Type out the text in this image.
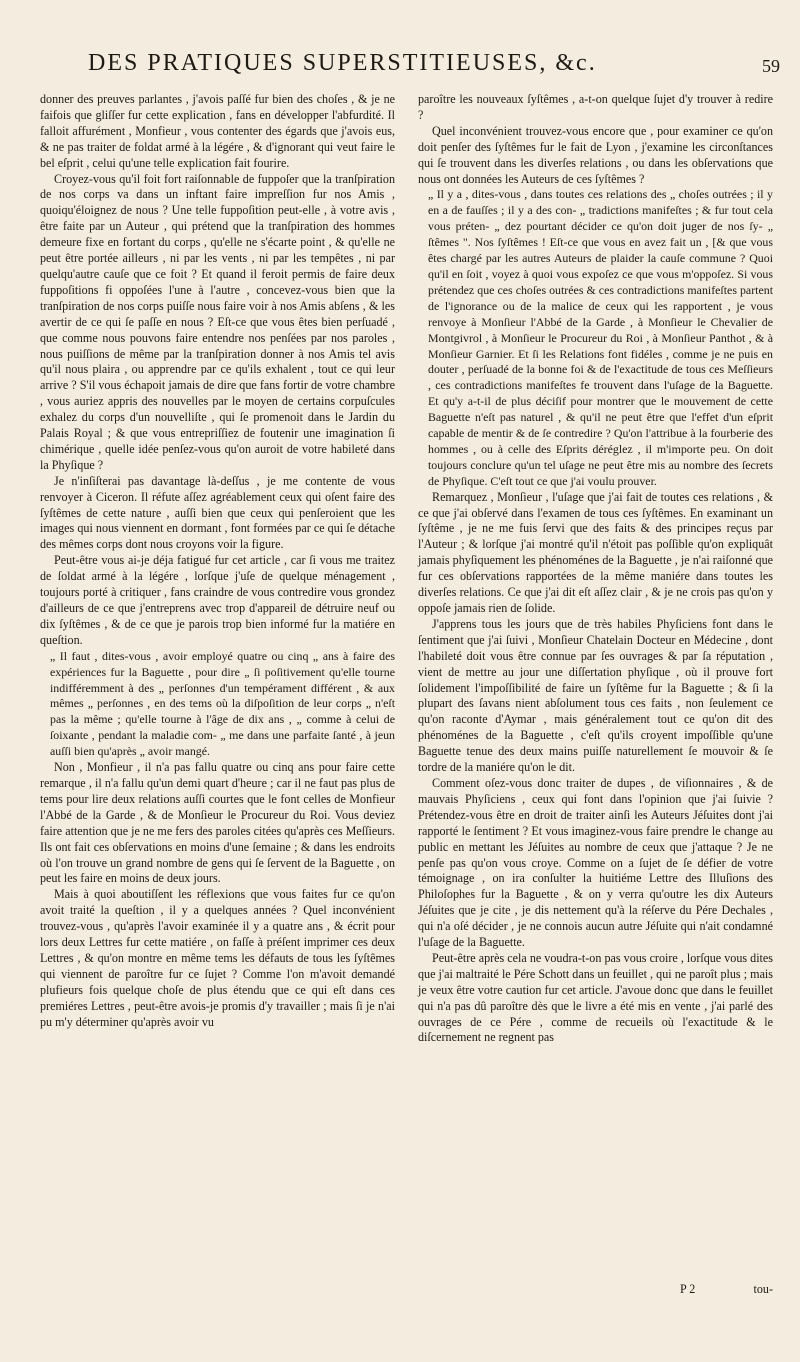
DES PRATIQUES SUPERSTITIEUSES, &c.	59

donner des preuves parlantes , j'avois paſſé fur bien des choſes , & je ne faifois que gliſſer fur cette explication , fans en développer l'abfurdité. Il falloit affurément , Monfieur , vous contenter des égards que j'avois eus, & ne pas traiter de foldat armé à la légére , & d'ignorant qui veut faire le bel eſprit , celui qu'une telle explication fait fourire.

Croyez-vous qu'il foit fort raiſonnable de fuppoſer que la tranſpiration de nos corps va dans un inftant faire impreſſion fur nos Amis , quoiqu'éloignez de nous ? Une telle fuppoſition peut-elle , à votre avis , être faite par un Auteur , qui prétend que la tranſpiration des hommes demeure fixe en fortant du corps , qu'elle ne s'écarte point , & qu'elle ne peut être portée ailleurs , ni par les vents , ni par les tempêtes , ni par quelqu'autre cauſe que ce foit ? Et quand il feroit permis de faire deux fuppoſitions fi oppoſées l'une à l'autre , concevez-vous bien que la tranſpiration de nos corps puiſſe nous faire voir à nos Amis abſens , & les avertir de ce qui ſe paſſe en nous ? Eſt-ce que vous êtes bien perſuadé , que comme nous pouvons faire entendre nos penſées par nos paroles , nous puiſſions de même par la tranſpiration donner à nos Amis tel avis qu'il nous plaira , ou apprendre par ce qu'ils exhalent , tout ce qui leur arrive ? S'il vous échapoit jamais de dire que fans fortir de votre chambre , vous auriez appris des nouvelles par le moyen de certains corpuſcules exhalez du corps d'un nouvelliſte , qui ſe promenoit dans le Jardin du Palais Royal ; & que vous entrepriſſiez de foutenir une imagination ſi chimérique , quelle idée penſez-vous qu'on auroit de votre habileté dans la Phyſique ?

Je n'inſiſterai pas davantage là-deſſus , je me contente de vous renvoyer à Ciceron. Il réfute aſſez agréablement ceux qui oſent faire des ſyſtêmes de cette nature , auſſi bien que ceux qui penſeroient que les images qui nous viennent en dormant , font formées par ce qui ſe détache des mêmes corps dont nous croyons voir la figure.

Peut-être vous ai-je déja fatigué fur cet article , car ſi vous me traitez de ſoldat armé à la légére , lorſque j'uſe de quelque ménagement , toujours porté à critiquer , fans craindre de vous contredire vous grondez d'ailleurs de ce que j'entreprens avec trop d'appareil de détruire neuf ou dix ſyſtêmes , & de ce que je parois trop bien informé fur la matiére en queſtion.

„ Il faut , dites-vous , avoir employé quatre ou cinq „ ans à faire des expériences fur la Baguette , pour dire „ ſi poſitivement qu'elle tourne indifféremment à des „ perſonnes d'un tempérament différent , & aux mêmes „ perſonnes , en des tems où la diſpoſition de leur corps „ n'eſt pas la même ; qu'elle tourne à l'âge de dix ans , „ comme à celui de ſoixante , pendant la maladie com- „ me dans une parfaite ſanté , à jeun auſſi bien qu'après „ avoir mangé.

Non , Monfieur , il n'a pas fallu quatre ou cinq ans pour faire cette remarque , il n'a fallu qu'un demi quart d'heure ; car il ne faut pas plus de tems pour lire deux relations auſſi courtes que le font celles de Monfieur l'Abbé de la Garde , & de Monſieur le Procureur du Roi. Vous deviez faire attention que je ne me fers des paroles citées qu'après ces Meſſieurs. Ils ont fait ces obſervations en moins d'une ſemaine ; & dans les endroits où l'on trouve un grand nombre de gens qui ſe ſervent de la Baguette , on peut les faire en moins de deux jours.

Mais à quoi aboutiſſent les réflexions que vous faites fur ce qu'on avoit traité la queſtion , il y a quelques années ? Quel inconvénient trouvez-vous , qu'après l'avoir examinée il y a quatre ans , & écrit pour lors deux Lettres fur cette matiére , on faſſe à préſent imprimer ces deux Lettres , & qu'on montre en même tems les défauts de tous les ſyſtêmes qui viennent de paroître fur ce ſujet ? Comme l'on m'avoit demandé plufieurs fois quelque choſe de plus étendu que ce qui eſt dans ces premiéres Lettres , peut-être avois-je promis d'y travailler ; mais ſi je n'ai pu m'y déterminer qu'après avoir vu

paroître les nouveaux ſyſtêmes , a-t-on quelque ſujet d'y trouver à redire ?

Quel inconvénient trouvez-vous encore que , pour examiner ce qu'on doit penſer des ſyſtêmes fur le fait de Lyon , j'examine les circonſtances qui ſe trouvent dans les diverſes relations , ou dans les obſervations que nous ont données les Auteurs de ces ſyſtêmes ?

„ Il y a , dites-vous , dans toutes ces relations des „ choſes outrées ; il y en a de fauſſes ; il y a des con- „ tradictions manifeſtes ; & fur tout cela vous préten- „ dez pourtant décider ce qu'on doit juger de nos ſy- „ ſtêmes ". Nos ſyſtêmes ! Eſt-ce que vous en avez fait un , [& que vous êtes chargé par les autres Auteurs de plaider la cauſe commune ? Quoi qu'il en ſoit , voyez à quoi vous expoſez ce que vous m'oppoſez. Si vous prétendez que ces choſes outrées & ces contradictions manifeſtes partent de l'ignorance ou de la malice de ceux qui les rapportent , je vous renvoye à Monſieur l'Abbé de la Garde , à Monſieur le Chevalier de Montgivrol , à Monſieur le Procureur du Roi , à Monſieur Panthot , & à Monſieur Garnier. Et ſi les Relations font fidéles , comme je ne puis en douter , perſuadé de la bonne foi & de l'exactitude de tous ces Meſſieurs , ces contradictions manifeſtes fe trouvent dans l'uſage de la Baguette. Et qu'y a-t-il de plus déciſif pour montrer que le mouvement de cette Baguette n'eſt pas naturel , & qu'il ne peut être que l'effet d'un eſprit capable de mentir & de ſe contredire ? Qu'on l'attribue à la fourberie des hommes , ou à celle des Eſprits déréglez , il m'importe peu. On doit toujours conclure qu'un tel uſage ne peut être mis au nombre des ſecrets de Phyſique. C'eſt tout ce que j'ai voulu prouver.

Remarquez , Monſieur , l'uſage que j'ai fait de toutes ces relations , & ce que j'ai obſervé dans l'examen de tous ces ſyſtêmes. En examinant un ſyſtême , je ne me fuis ſervi que des faits & des principes reçus par l'Auteur ; & lorſque j'ai montré qu'il n'étoit pas poſſible qu'on expliquât jamais phyſiquement les phénoménes de la Baguette , je n'ai raiſonné que fur ces obſervations rapportées de la même maniére dans toutes les diverſes relations. Ce que j'ai dit eſt aſſez clair , & je ne crois pas qu'on y oppoſe jamais rien de ſolide.

J'apprens tous les jours que de très habiles Phyſiciens font dans le ſentiment que j'ai ſuivi , Monſieur Chatelain Docteur en Médecine , dont l'habileté doit vous être connue par ſes ouvrages & par ſa réputation , vient de mettre au jour une diſſertation phyſique , où il prouve fort ſolidement l'impoſſibilité de faire un ſyſtême fur la Baguette ; & ſi la plupart des ſavans nient abſolument tous ces faits , non ſeulement ce qu'on raconte d'Aymar , mais généralement tout ce qu'on dit des phénoménes de la Baguette , c'eſt qu'ils croyent impoſſible qu'une Baguette tenue des deux mains puiſſe naturellement ſe mouvoir & ſe tordre de la maniére qu'on le dit.

Comment oſez-vous donc traiter de dupes , de viſionnaires , & de mauvais Phyſiciens , ceux qui font dans l'opinion que j'ai ſuivie ? Prétendez-vous être en droit de traiter ainſi les Auteurs Jéſuites dont j'ai rapporté le ſentiment ? Et vous imaginez-vous faire prendre le change au public en mettant les Jéſuites au nombre de ceux que j'attaque ? Je ne penſe pas qu'on vous croye. Comme on a ſujet de ſe défier de votre témoignage , on ira conſulter la huitiéme Lettre des Illuſions des Philoſophes fur la Baguette , & on y verra qu'outre les dix Auteurs Jéſuites que je cite , je dis nettement qu'à la réſerve du Pére Dechales , qui n'a oſé décider , je ne connois aucun autre Jéſuite qui n'ait condamné l'uſage de la Baguette.

Peut-être après cela ne voudra-t-on pas vous croire , lorſque vous dites que j'ai maltraité le Pére Schott dans un feuillet , qui ne paroît plus ; mais je veux être votre caution fur cet article. J'avoue donc que dans le feuillet qui n'a pas dû paroître dès que le livre a été mis en vente , j'ai parlé des ouvrages de ce Pére , comme de recueils où l'exactitude & le diſcernement ne regnent pas

P 2	tou-
